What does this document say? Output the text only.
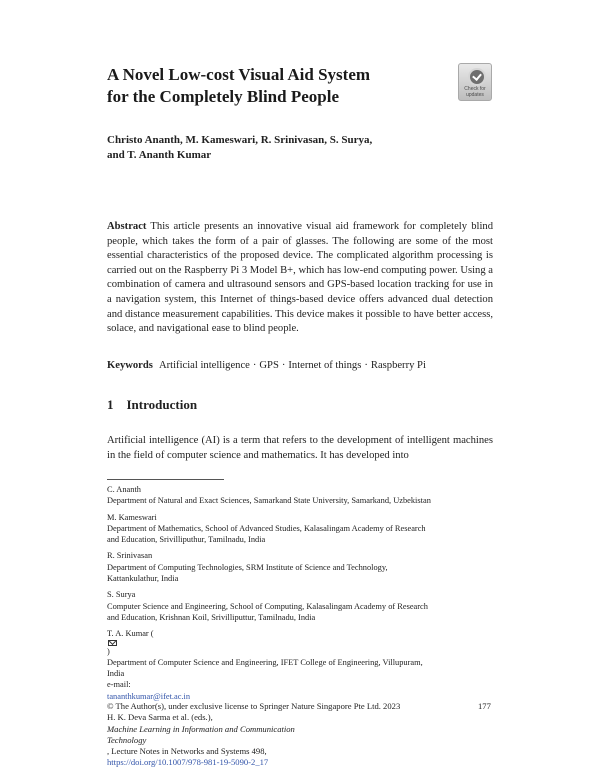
A Novel Low-cost Visual Aid System
for the Completely Blind People	Check for
updates
Christo Ananth, M. Kameswari, R. Srinivasan, S. Surya,
and T. Ananth Kumar
Abstract This article presents an innovative visual aid framework for completely blind people, which takes the form of a pair of glasses. The following are some of the most essential characteristics of the proposed device. The complicated algorithm processing is carried out on the Raspberry Pi 3 Model B+, which has low-end computing power. Using a combination of camera and ultrasound sensors and GPS-based location tracking for use in a navigation system, this Internet of things-based device offers advanced dual detection and distance measurement capabilities. This device makes it possible to have better access, solace, and navigational ease to blind people.
Keywords Artificial intelligence · GPS · Internet of things · Raspberry Pi
1 Introduction
Artificial intelligence (AI) is a term that refers to the development of intelligent machines in the field of computer science and mathematics. It has developed into
C. Ananth
Department of Natural and Exact Sciences, Samarkand State University, Samarkand, Uzbekistan
M. Kameswari
Department of Mathematics, School of Advanced Studies, Kalasalingam Academy of Research
and Education, Srivilliputhur, Tamilnadu, India
R. Srinivasan
Department of Computing Technologies, SRM Institute of Science and Technology,
Kattankulathur, India
S. Surya
Computer Science and Engineering, School of Computing, Kalasalingam Academy of Research
and Education, Krishnan Koil, Srivilliputtur, Tamilnadu, India
T. A. Kumar (
)
Department of Computer Science and Engineering, IFET College of Engineering, Villupuram,
India
e-mail:
tananthkumar@ifet.ac.in
© The Author(s), under exclusive license to Springer Nature Singapore Pte Ltd. 2023
H. K. Deva Sarma et al. (eds.),
Machine Learning in Information and Communication
Technology
, Lecture Notes in Networks and Systems 498,
https://doi.org/10.1007/978-981-19-5090-2_17
177
